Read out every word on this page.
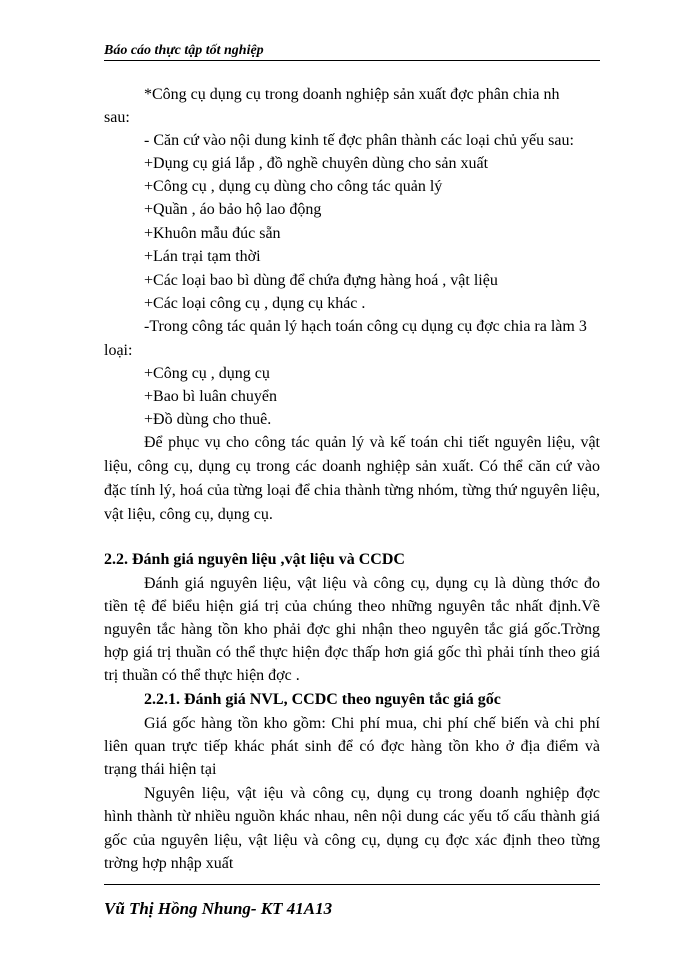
Báo cáo thực tập tốt nghiệp
*Công cụ dụng cụ trong doanh nghiệp sản xuất đợc phân chia nh
sau:
- Căn cứ vào nội dung kinh tế đợc phân thành các loại chủ yếu sau:
+Dụng cụ giá lắp , đồ nghề chuyên dùng cho sản xuất
+Công cụ , dụng cụ dùng cho công tác quản lý
+Quần , áo bảo hộ lao động
+Khuôn mẫu đúc sẵn
+Lán trại tạm thời
+Các loại bao bì dùng để chứa đựng hàng hoá , vật liệu
+Các loại công cụ , dụng cụ khác .
-Trong công tác quản lý hạch toán công cụ dụng cụ đợc chia ra làm 3
loại:
+Công cụ , dụng cụ
+Bao bì luân chuyển
+Đồ dùng cho thuê.
Để phục vụ cho công tác quản lý và kế toán chi tiết nguyên liệu, vật
liệu, công cụ, dụng cụ trong các doanh nghiệp sản xuất. Có thể căn cứ vào
đặc tính lý, hoá của từng loại để chia thành từng nhóm, từng thứ nguyên liệu,
vật liệu, công cụ, dụng cụ.
2.2. Đánh giá nguyên liệu ,vật liệu và CCDC
Đánh giá nguyên liệu, vật liệu và công cụ, dụng cụ là dùng thớc đo
tiền tệ để biểu hiện giá trị của chúng theo những nguyên tắc nhất định.Về
nguyên tắc hàng tồn kho phải đợc ghi nhận theo nguyên tắc giá gốc.Trờng
hợp giá trị thuần có thể thực hiện đợc thấp hơn giá gốc thì phải tính theo giá
trị thuần có thể thực hiện đợc .
2.2.1. Đánh giá NVL, CCDC theo nguyên tắc giá gốc
Giá gốc hàng tồn kho gồm: Chi phí mua, chi phí chế biến và chi phí
liên quan trực tiếp khác phát sinh để có đợc hàng tồn kho ở địa điểm và
trạng thái hiện tại
Nguyên liệu, vật iệu và công cụ, dụng cụ trong doanh nghiệp đợc
hình thành từ nhiều nguồn khác nhau, nên nội dung các yếu tố cấu thành giá
gốc của nguyên liệu, vật liệu và công cụ, dụng cụ đợc xác định theo từng
trờng hợp nhập xuất
Vũ Thị Hồng Nhung- KT 41A13
